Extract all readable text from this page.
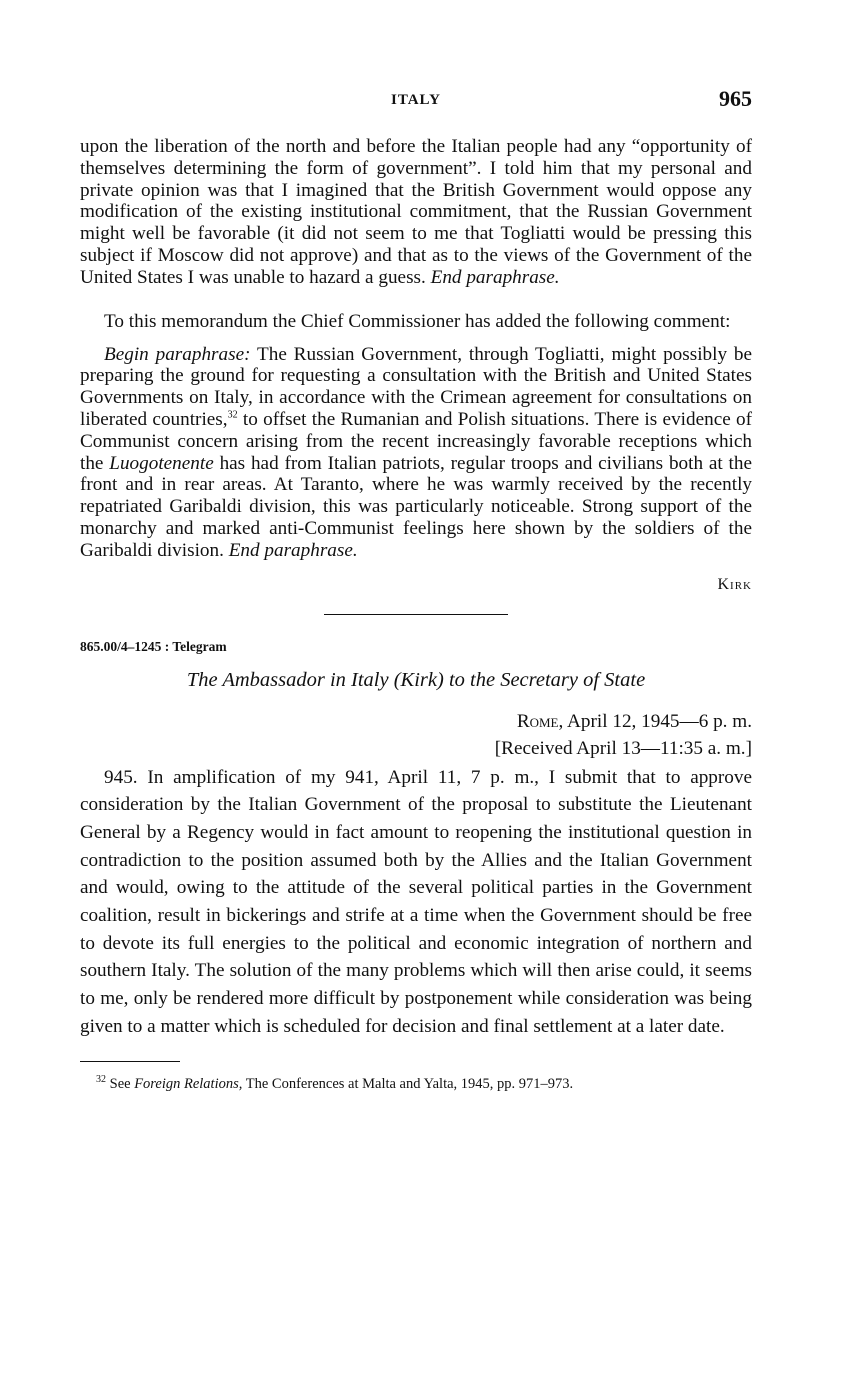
ITALY	965

upon the liberation of the north and before the Italian people had any “opportunity of themselves determining the form of government”. I told him that my personal and private opinion was that I imagined that the British Government would oppose any modification of the existing institutional commitment, that the Russian Government might well be favorable (it did not seem to me that Togliatti would be pressing this subject if Moscow did not approve) and that as to the views of the Government of the United States I was unable to hazard a guess. End paraphrase.

To this memorandum the Chief Commissioner has added the following comment:
Begin paraphrase: The Russian Government, through Togliatti, might possibly be preparing the ground for requesting a consultation with the British and United States Governments on Italy, in accordance with the Crimean agreement for consultations on liberated countries,$^{32}$ to offset the Rumanian and Polish situations. There is evidence of Communist concern arising from the recent increasingly favorable receptions which the Luogotenente has had from Italian patriots, regular troops and civilians both at the front and in rear areas. At Taranto, where he was warmly received by the recently repatriated Garibaldi division, this was particularly noticeable. Strong support of the monarchy and marked anti-Communist feelings here shown by the soldiers of the Garibaldi division. End paraphrase.
Kirk
865.00/4–1245 : Telegram
The Ambassador in Italy (Kirk) to the Secretary of State
Rome, April 12, 1945—6 p. m.
[Received April 13—11:35 a. m.]
945. In amplification of my 941, April 11, 7 p. m., I submit that to approve consideration by the Italian Government of the proposal to substitute the Lieutenant General by a Regency would in fact amount to reopening the institutional question in contradiction to the position assumed both by the Allies and the Italian Government and would, owing to the attitude of the several political parties in the Government coalition, result in bickerings and strife at a time when the Government should be free to devote its full energies to the political and economic integration of northern and southern Italy. The solution of the many problems which will then arise could, it seems to me, only be rendered more difficult by postponement while consideration was being given to a matter which is scheduled for decision and final settlement at a later date.
$^{32}$ See Foreign Relations, The Conferences at Malta and Yalta, 1945, pp. 971–973.
